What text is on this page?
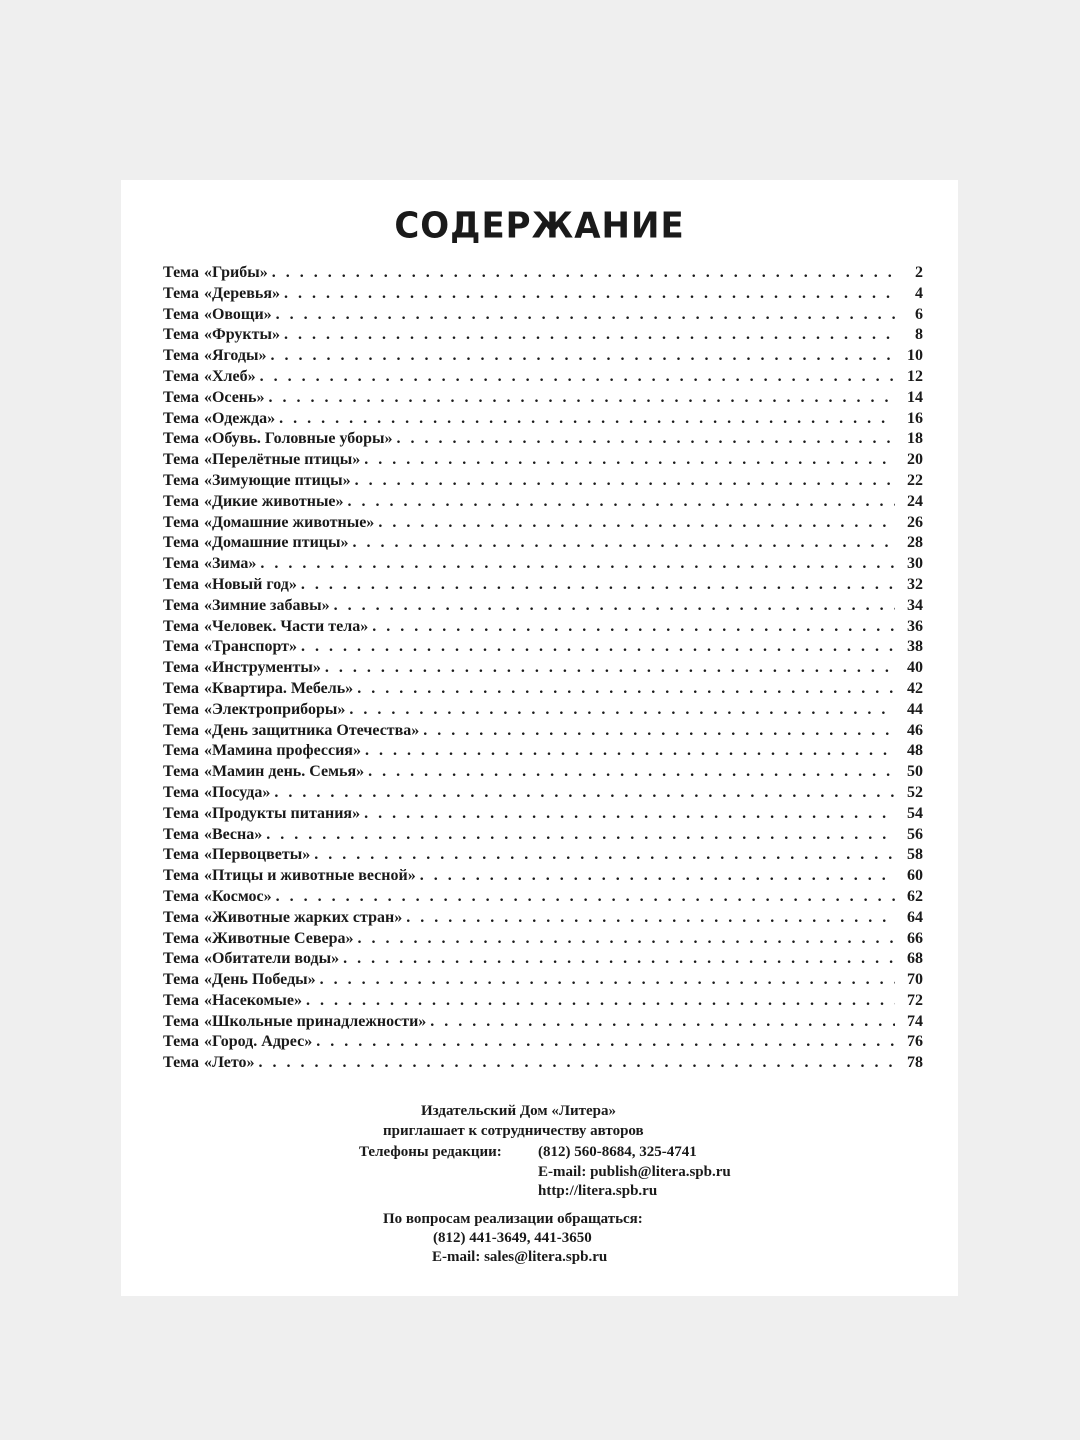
СОДЕРЖАНИЕ
Тема «Грибы» . . .	2
Тема «Деревья» . . .	4
Тема «Овощи» . . .	6
Тема «Фрукты» . . .	8
Тема «Ягоды» . . .	10
Тема «Хлеб» . . .	12
Тема «Осень» . . .	14
Тема «Одежда» . . .	16
Тема «Обувь. Головные уборы» . . .	18
Тема «Перелётные птицы» . . .	20
Тема «Зимующие птицы» . . .	22
Тема «Дикие животные» . . .	24
Тема «Домашние животные» . . .	26
Тема «Домашние птицы» . . .	28
Тема «Зима» . . .	30
Тема «Новый год» . . .	32
Тема «Зимние забавы» . . .	34
Тема «Человек. Части тела» . . .	36
Тема «Транспорт» . . .	38
Тема «Инструменты» . . .	40
Тема «Квартира. Мебель» . . .	42
Тема «Электроприборы» . . .	44
Тема «День защитника Отечества» . . .	46
Тема «Мамина профессия» . . .	48
Тема «Мамин день. Семья» . . .	50
Тема «Посуда» . . .	52
Тема «Продукты питания» . . .	54
Тема «Весна» . . .	56
Тема «Первоцветы» . . .	58
Тема «Птицы и животные весной» . . .	60
Тема «Космос» . . .	62
Тема «Животные жарких стран» . . .	64
Тема «Животные Севера» . . .	66
Тема «Обитатели воды» . . .	68
Тема «День Победы» . . .	70
Тема «Насекомые» . . .	72
Тема «Школьные принадлежности» . . .	74
Тема «Город. Адрес» . . .	76
Тема «Лето» . . .	78
Издательский Дом «Литера»
приглашает к сотрудничеству авторов
Телефоны редакции: (812) 560-8684, 325-4741
E-mail: publish@litera.spb.ru
http://litera.spb.ru
По вопросам реализации обращаться:
(812) 441-3649, 441-3650
E-mail: sales@litera.spb.ru
